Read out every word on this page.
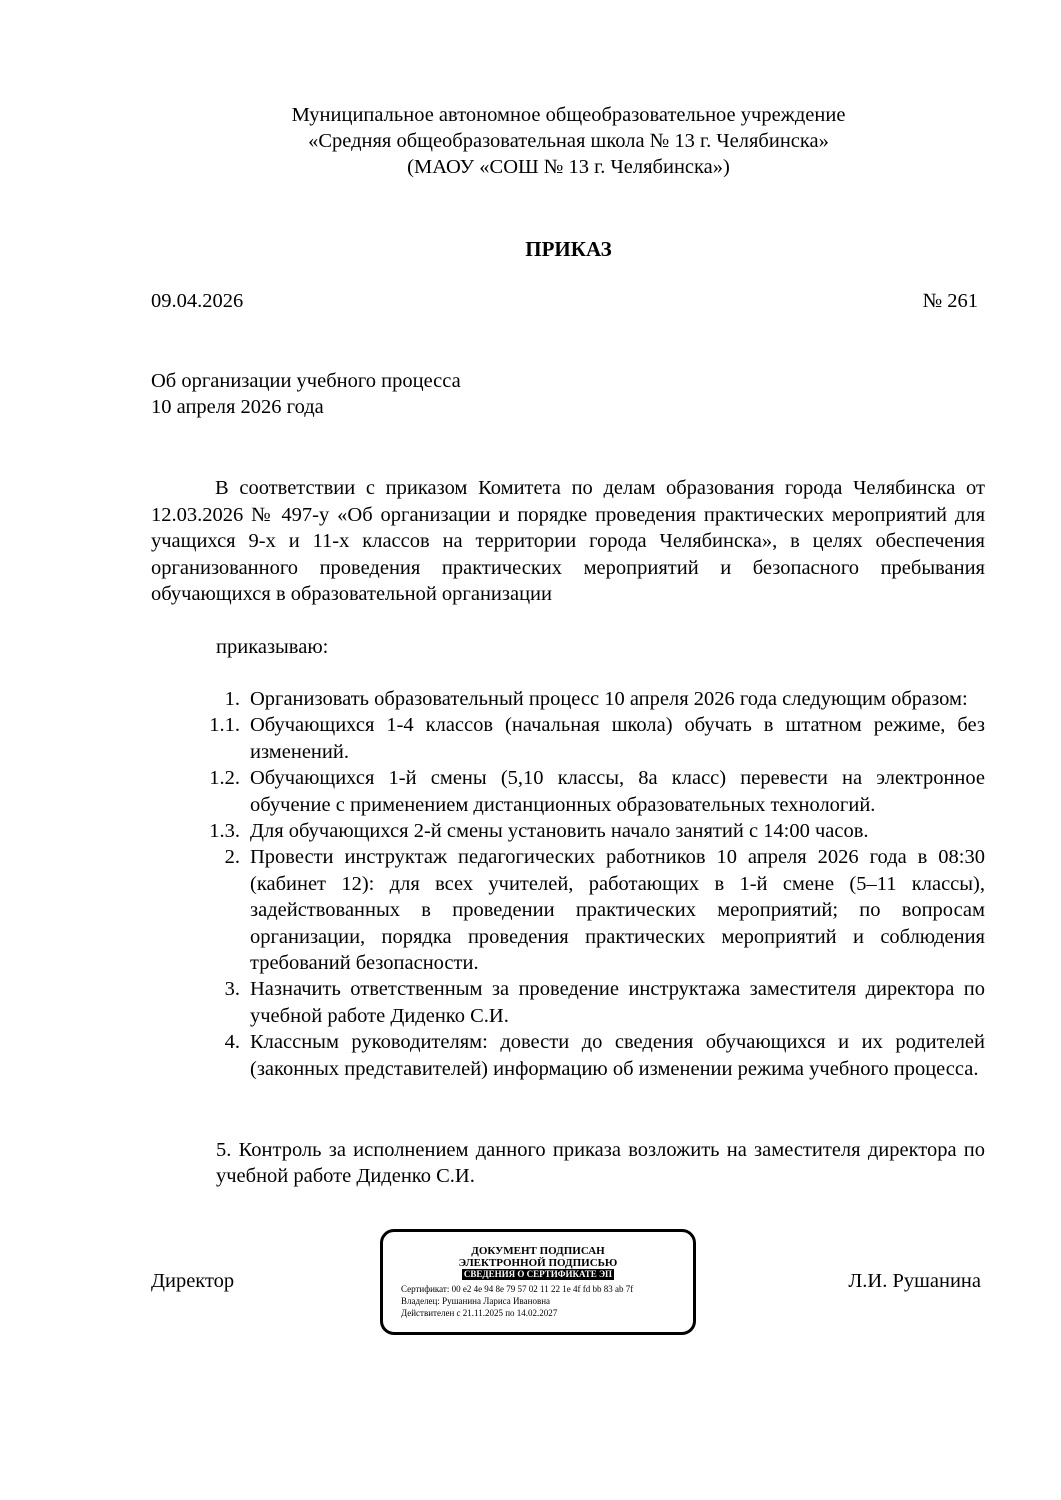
Муниципальное автономное общеобразовательное учреждение
«Средняя общеобразовательная школа № 13 г. Челябинска»
(МАОУ «СОШ № 13 г. Челябинска»)
ПРИКАЗ
09.04.2026	№ 261
Об организации учебного процесса
10 апреля 2026 года
В соответствии с приказом Комитета по делам образования города Челябинска от 12.03.2026 № 497-у «Об организации и порядке проведения практических мероприятий для учащихся 9-х и 11-х классов на территории города Челябинска», в целях обеспечения организованного проведения практических мероприятий и безопасного пребывания обучающихся в образовательной организации
приказываю:
1. Организовать образовательный процесс 10 апреля 2026 года следующим образом:
1.1. Обучающихся 1-4 классов (начальная школа) обучать в штатном режиме, без изменений.
1.2. Обучающихся 1-й смены (5,10 классы, 8а класс) перевести на электронное обучение с применением дистанционных образовательных технологий.
1.3. Для обучающихся 2-й смены установить начало занятий с 14:00 часов.
2. Провести инструктаж педагогических работников 10 апреля 2026 года в 08:30 (кабинет 12): для всех учителей, работающих в 1-й смене (5–11 классы), задействованных в проведении практических мероприятий; по вопросам организации, порядка проведения практических мероприятий и соблюдения требований безопасности.
3. Назначить ответственным за проведение инструктажа заместителя директора по учебной работе Диденко С.И.
4. Классным руководителям: довести до сведения обучающихся и их родителей (законных представителей) информацию об изменении режима учебного процесса.
5. Контроль за исполнением данного приказа возложить на заместителя директора по учебной работе Диденко С.И.
Директор
ДОКУМЕНТ ПОДПИСАН
ЭЛЕКТРОННОЙ ПОДПИСЬЮ
СВЕДЕНИЯ О СЕРТИФИКАТЕ ЭП
Сертификат: 00 e2 4e 94 8e 79 57 02 11 22 1e 4f fd bb 83 ab 7f
Владелец: Рушанина Лариса Ивановна
Действителен с 21.11.2025 по 14.02.2027
Л.И. Рушанина
